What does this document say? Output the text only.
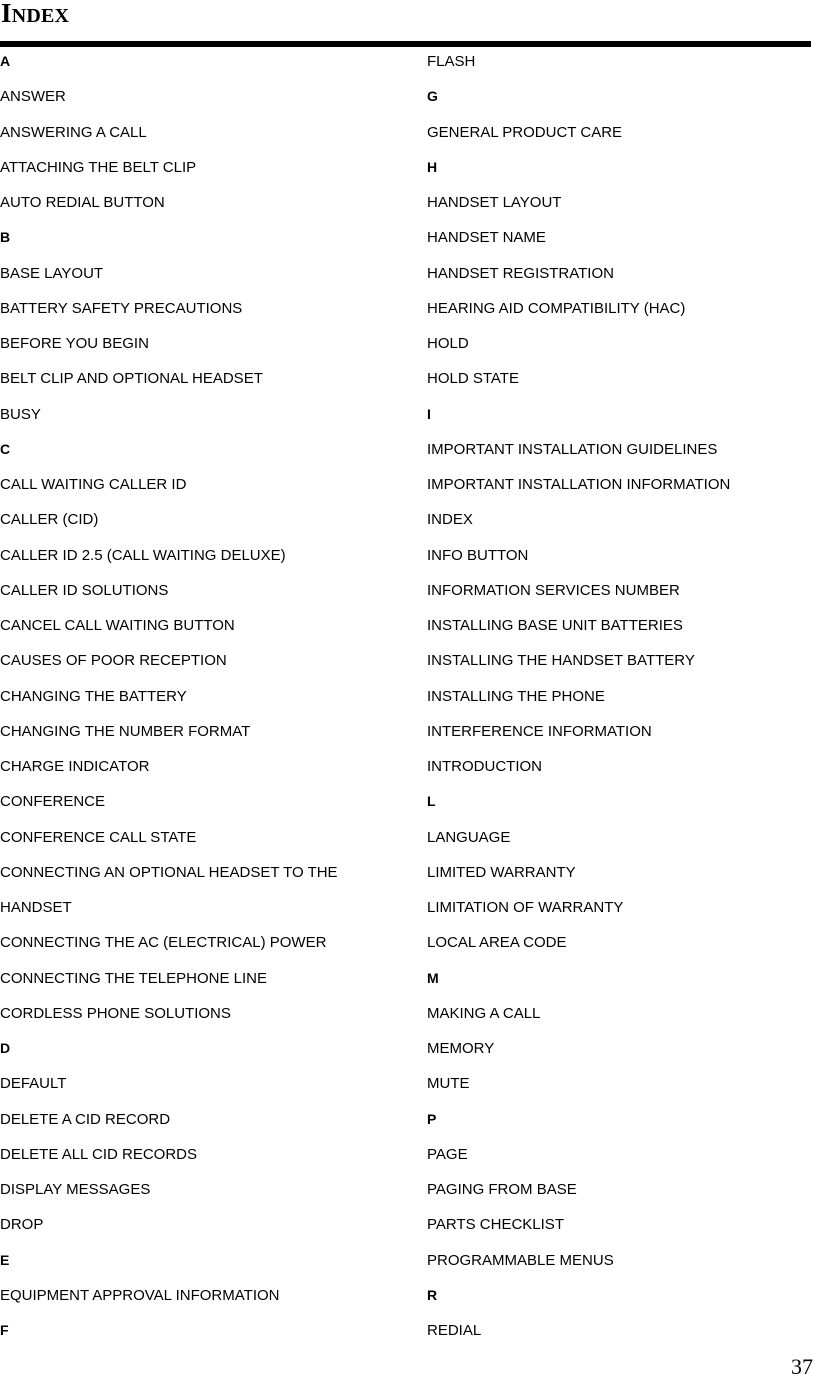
INDEX
A
ANSWER
ANSWERING A CALL
ATTACHING THE BELT CLIP
AUTO REDIAL BUTTON
B
BASE LAYOUT
BATTERY SAFETY PRECAUTIONS
BEFORE YOU BEGIN
BELT CLIP AND OPTIONAL HEADSET
BUSY
C
CALL WAITING CALLER ID
CALLER (CID)
CALLER ID 2.5 (CALL WAITING DELUXE)
CALLER ID SOLUTIONS
CANCEL CALL WAITING BUTTON
CAUSES OF POOR RECEPTION
CHANGING THE BATTERY
CHANGING THE NUMBER FORMAT
CHARGE INDICATOR
CONFERENCE
CONFERENCE CALL STATE
CONNECTING AN OPTIONAL HEADSET TO THE
HANDSET
CONNECTING THE AC (ELECTRICAL) POWER
CONNECTING THE TELEPHONE LINE
CORDLESS PHONE SOLUTIONS
D
DEFAULT
DELETE A CID RECORD
DELETE ALL CID RECORDS
DISPLAY MESSAGES
DROP
E
EQUIPMENT APPROVAL INFORMATION
F
FLASH
G
GENERAL PRODUCT CARE
H
HANDSET LAYOUT
HANDSET NAME
HANDSET REGISTRATION
HEARING AID COMPATIBILITY (HAC)
HOLD
HOLD STATE
I
IMPORTANT INSTALLATION GUIDELINES
IMPORTANT INSTALLATION INFORMATION
INDEX
INFO BUTTON
INFORMATION SERVICES NUMBER
INSTALLING BASE UNIT BATTERIES
INSTALLING THE HANDSET BATTERY
INSTALLING THE PHONE
INTERFERENCE INFORMATION
INTRODUCTION
L
LANGUAGE
LIMITED WARRANTY
LIMITATION OF WARRANTY
LOCAL AREA CODE
M
MAKING A CALL
MEMORY
MUTE
P
PAGE
PAGING FROM BASE
PARTS CHECKLIST
PROGRAMMABLE MENUS
R
REDIAL
37
